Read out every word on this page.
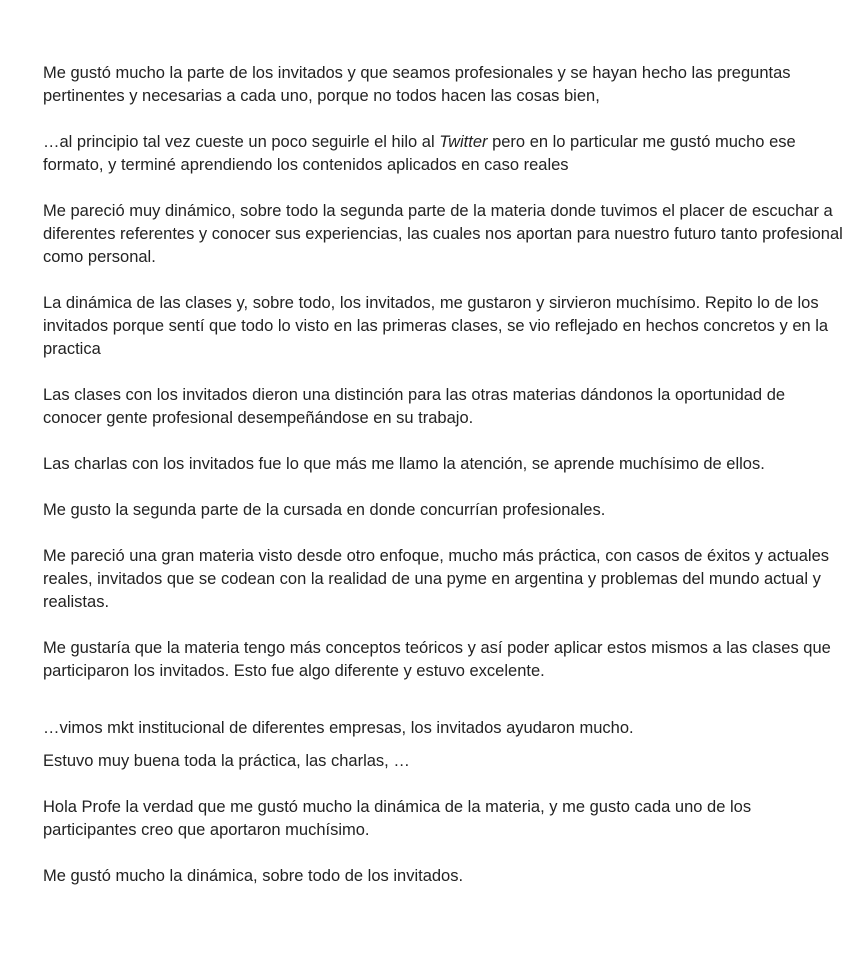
Me gustó mucho la parte de los invitados y que seamos profesionales y se hayan hecho las preguntas pertinentes y necesarias a cada uno, porque no todos hacen las cosas bien,

…al principio tal vez cueste un poco seguirle el hilo al Twitter pero en lo particular me gustó mucho ese formato, y terminé aprendiendo los contenidos aplicados en caso reales

Me pareció muy dinámico, sobre todo la segunda parte de la materia donde tuvimos el placer de escuchar a diferentes referentes y conocer sus experiencias, las cuales nos aportan para nuestro futuro tanto profesional como personal.

La dinámica de las clases y, sobre todo, los invitados, me gustaron y sirvieron muchísimo. Repito lo de los invitados porque sentí que todo lo visto en las primeras clases, se vio reflejado en hechos concretos y en la practica

Las clases con los invitados dieron una distinción para las otras materias dándonos la oportunidad de conocer gente profesional desempeñándose en su trabajo.

Las charlas con los invitados fue lo que más me llamo la atención, se aprende muchísimo de ellos.

Me gusto la segunda parte de la cursada en donde concurrían profesionales.

Me pareció una gran materia visto desde otro enfoque, mucho más práctica, con casos de éxitos y actuales reales, invitados que se codean con la realidad de una pyme en argentina y problemas del mundo actual y realistas.

Me gustaría que la materia tengo más conceptos teóricos y así poder aplicar estos mismos a las clases que participaron los invitados. Esto fue algo diferente y estuvo excelente.

…vimos mkt institucional de diferentes empresas, los invitados ayudaron mucho.

Estuvo muy buena toda la práctica, las charlas, …

Hola Profe la verdad que me gustó mucho la dinámica de la materia, y me gusto cada uno de los participantes creo que aportaron muchísimo.

Me gustó mucho la dinámica, sobre todo de los invitados.
